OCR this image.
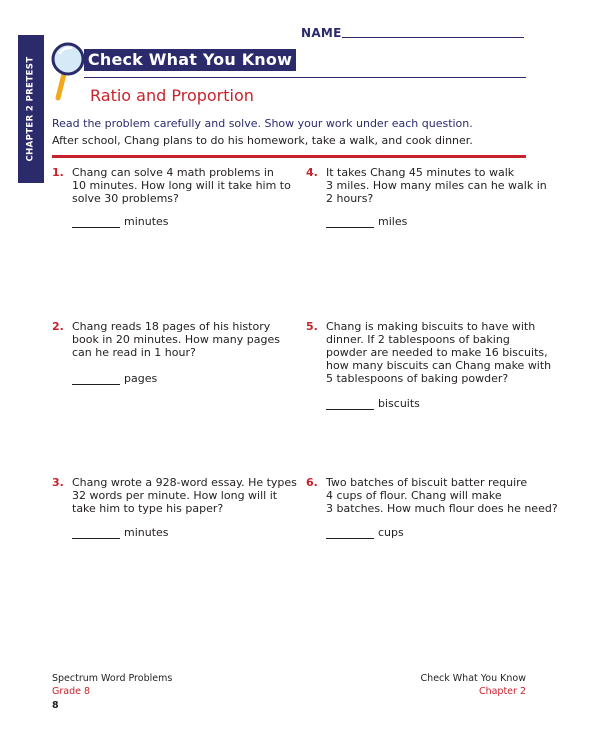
NAME
CHAPTER 2 PRETEST	Check What You Know
Ratio and Proportion
Read the problem carefully and solve. Show your work under each question.
After school, Chang plans to do his homework, take a walk, and cook dinner.
1. Chang can solve 4 math problems in
10 minutes. How long will it take him to
solve 30 problems?

minutes
2. Chang reads 18 pages of his history
book in 20 minutes. How many pages
can he read in 1 hour?

pages
3. Chang wrote a 928-word essay. He types
32 words per minute. How long will it
take him to type his paper?

minutes
4. It takes Chang 45 minutes to walk
3 miles. How many miles can he walk in
2 hours?

miles
5. Chang is making biscuits to have with
dinner. If 2 tablespoons of baking
powder are needed to make 16 biscuits,
how many biscuits can Chang make with
5 tablespoons of baking powder?

biscuits
6. Two batches of biscuit batter require
4 cups of flour. Chang will make
3 batches. How much flour does he need?

cups
Spectrum Word Problems
Grade 8
8
Check What You Know
Chapter 2
